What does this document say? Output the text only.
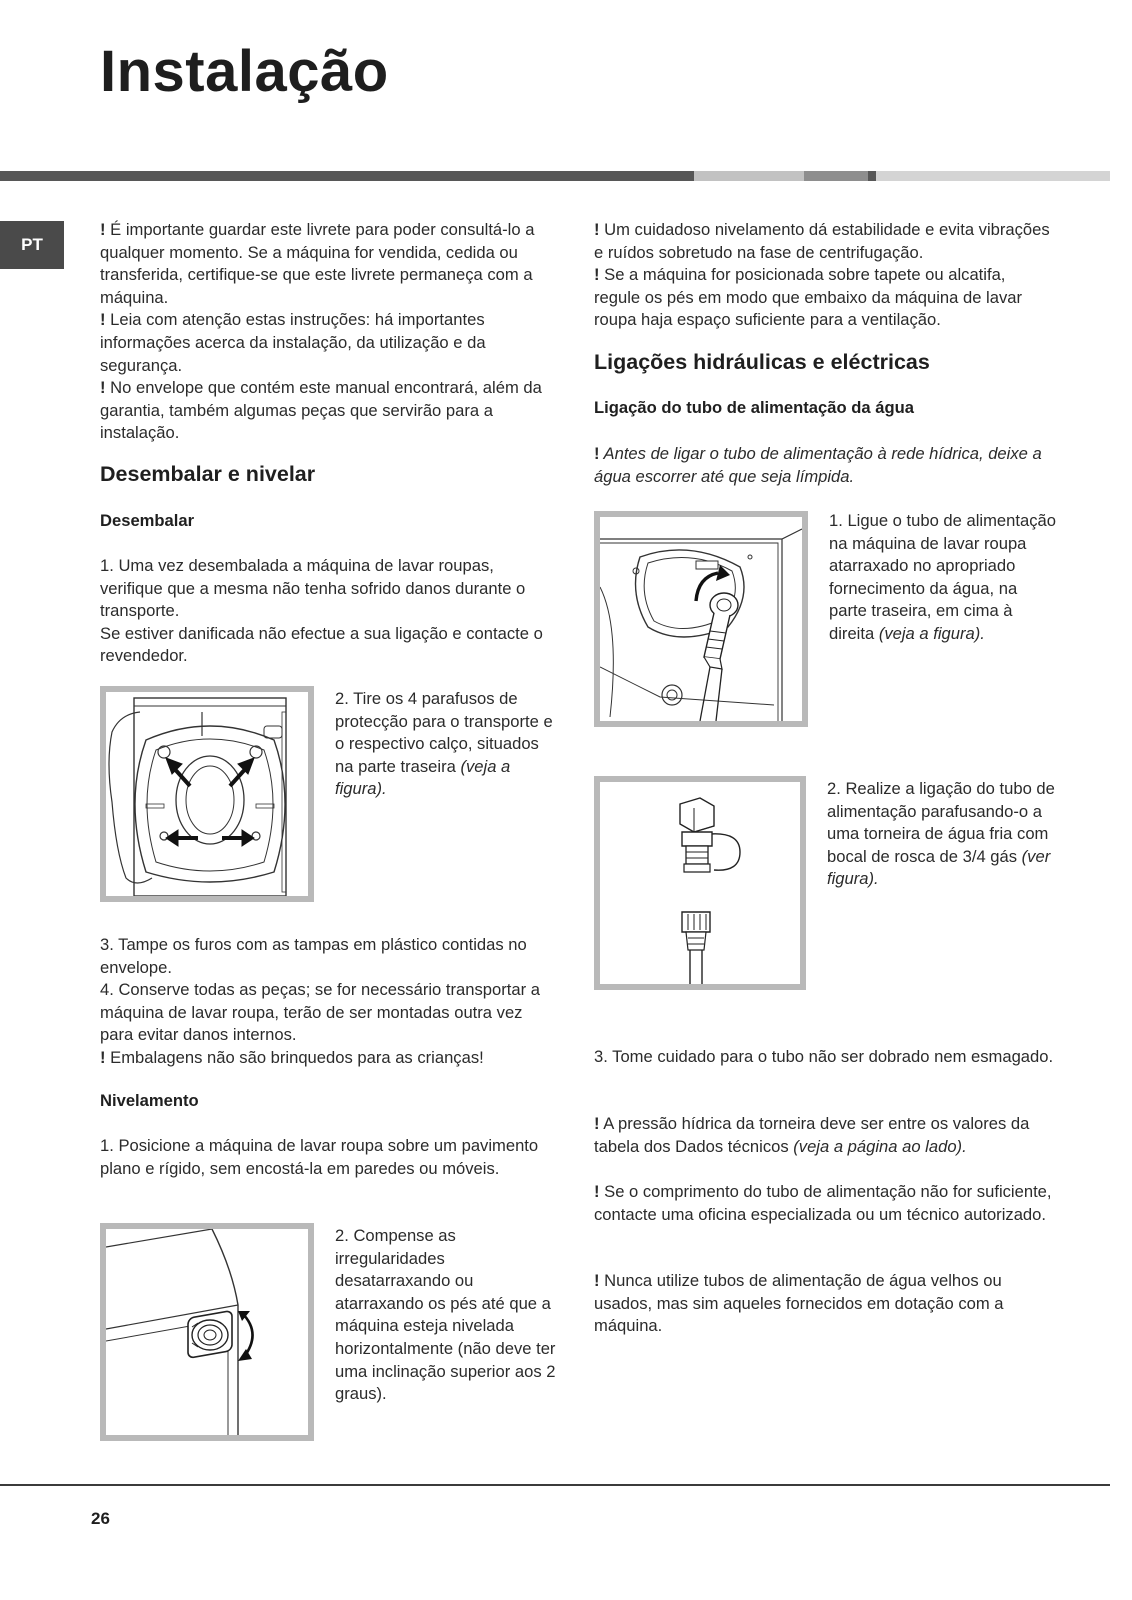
Instalação
PT

! É importante guardar este livrete para poder consultá-lo a qualquer momento. Se a máquina for vendida, cedida ou transferida, certifique-se que este livrete permaneça com a máquina.

! Leia com atenção estas instruções: há importantes informações acerca da instalação, da utilização e da segurança.

! No envelope que contém este manual encontrará, além da garantia, também algumas peças que servirão para a instalação.

Desembalar e nivelar
Desembalar

1. Uma vez desembalada a máquina de lavar roupas, verifique que a mesma não tenha sofrido danos durante o transporte.

Se estiver danificada não efectue a sua ligação e contacte o revendedor.

2. Tire os 4 parafusos de protecção para o transporte e o respectivo calço, situados na parte traseira (veja a figura).

3. Tampe os furos com as tampas em plástico contidas no envelope.

4. Conserve todas as peças; se for necessário transportar a máquina de lavar roupa, terão de ser montadas outra vez para evitar danos internos.

! Embalagens não são brinquedos para as crianças!

Nivelamento

1. Posicione a máquina de lavar roupa sobre um pavimento plano e rígido, sem encostá-la em paredes ou móveis.

2. Compense as irregularidades desatarraxando ou atarraxando os pés até que a máquina esteja nivelada horizontalmente (não deve ter uma inclinação superior aos 2 graus).

! Um cuidadoso nivelamento dá estabilidade e evita vibrações e ruídos sobretudo na fase de centrifugação.

! Se a máquina for posicionada sobre tapete ou alcatifa, regule os pés em modo que embaixo da máquina de lavar roupa haja espaço suficiente para a ventilação.

Ligações hidráulicas e eléctricas
Ligação do tubo de alimentação da água

! Antes de ligar o tubo de alimentação à rede hídrica, deixe a água escorrer até que seja límpida.

1. Ligue o tubo de alimentação na máquina de lavar roupa atarraxado no apropriado fornecimento da água, na parte traseira, em cima à direita (veja a figura).

2. Realize a ligação do tubo de alimentação parafusando-o a uma torneira de água fria com bocal de rosca de 3/4 gás (ver figura).

3. Tome cuidado para o tubo não ser dobrado nem esmagado.

! A pressão hídrica da torneira deve ser entre os valores da tabela dos Dados técnicos (veja a página ao lado).

! Se o comprimento do tubo de alimentação não for suficiente, contacte uma oficina especializada ou um técnico autorizado.

! Nunca utilize tubos de alimentação de água velhos ou usados, mas sim aqueles fornecidos em dotação com a máquina.

26
